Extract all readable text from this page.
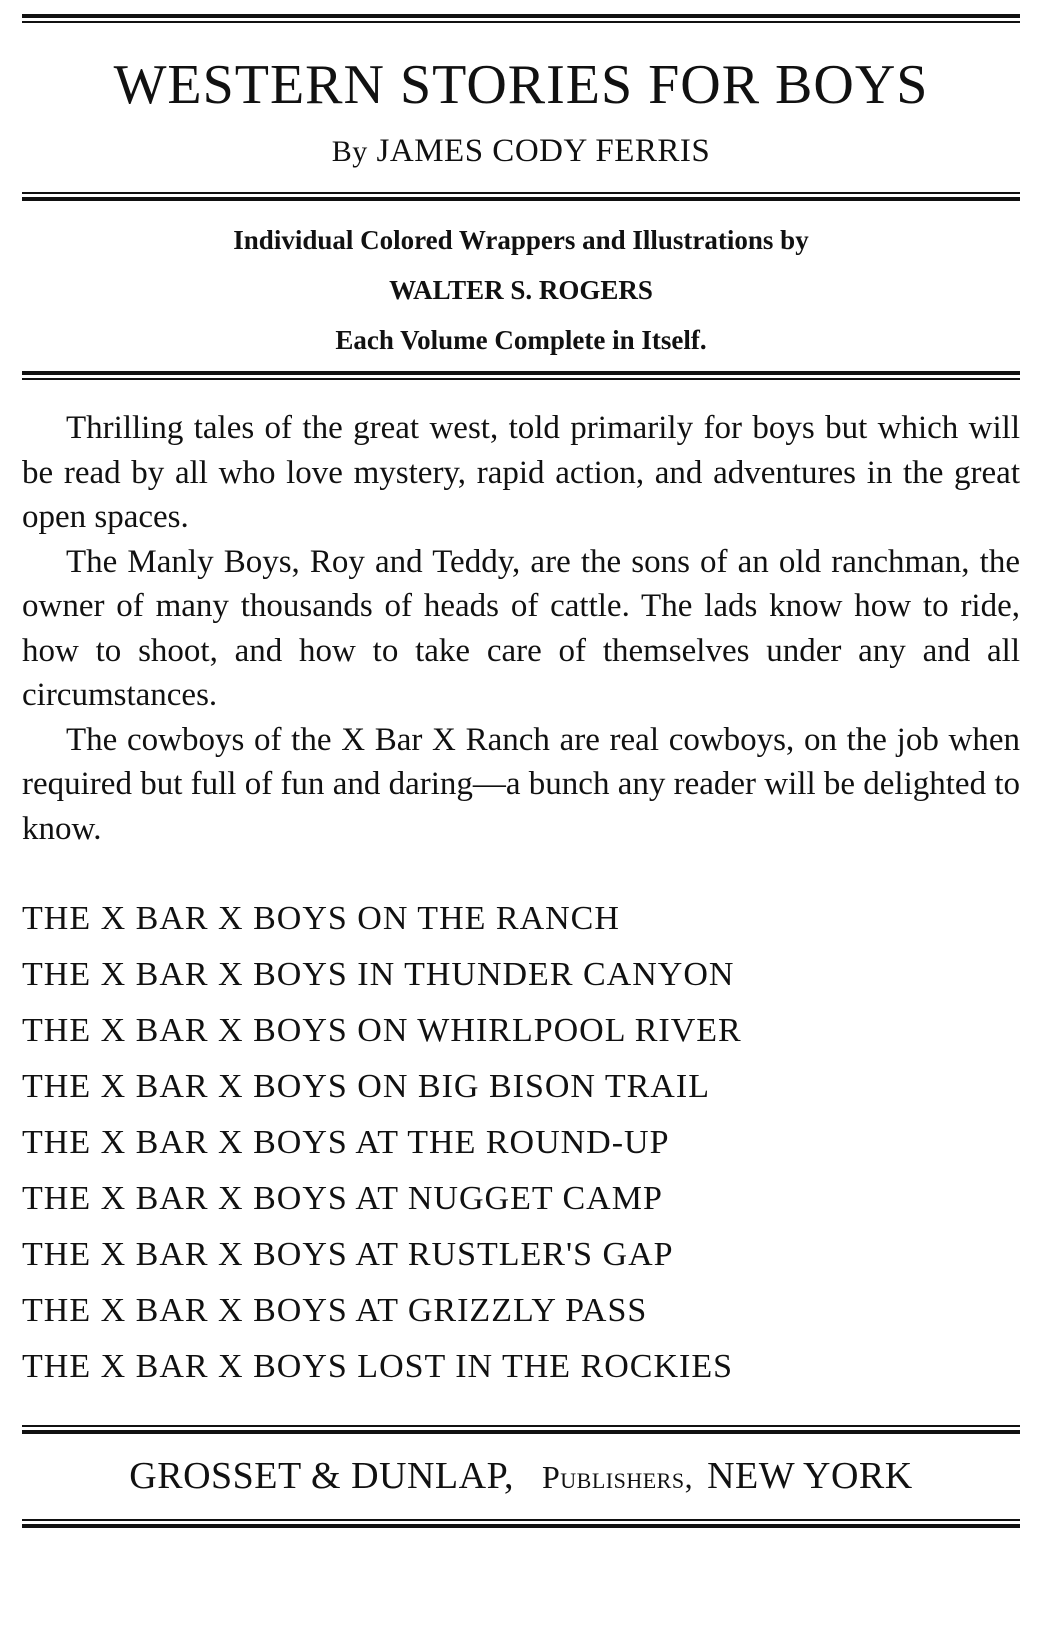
WESTERN STORIES FOR BOYS
By JAMES CODY FERRIS
Individual Colored Wrappers and Illustrations by
WALTER S. ROGERS
Each Volume Complete in Itself.

Thrilling tales of the great west, told primarily for boys but which will be read by all who love mystery, rapid action, and adventures in the great open spaces.

The Manly Boys, Roy and Teddy, are the sons of an old ranchman, the owner of many thousands of heads of cattle. The lads know how to ride, how to shoot, and how to take care of themselves under any and all circumstances.

The cowboys of the X Bar X Ranch are real cowboys, on the job when required but full of fun and daring—a bunch any reader will be delighted to know.

THE X BAR X BOYS ON THE RANCH
THE X BAR X BOYS IN THUNDER CANYON
THE X BAR X BOYS ON WHIRLPOOL RIVER
THE X BAR X BOYS ON BIG BISON TRAIL
THE X BAR X BOYS AT THE ROUND-UP
THE X BAR X BOYS AT NUGGET CAMP
THE X BAR X BOYS AT RUSTLER'S GAP
THE X BAR X BOYS AT GRIZZLY PASS
THE X BAR X BOYS LOST IN THE ROCKIES
GROSSET & DUNLAP, Publishers, NEW YORK
